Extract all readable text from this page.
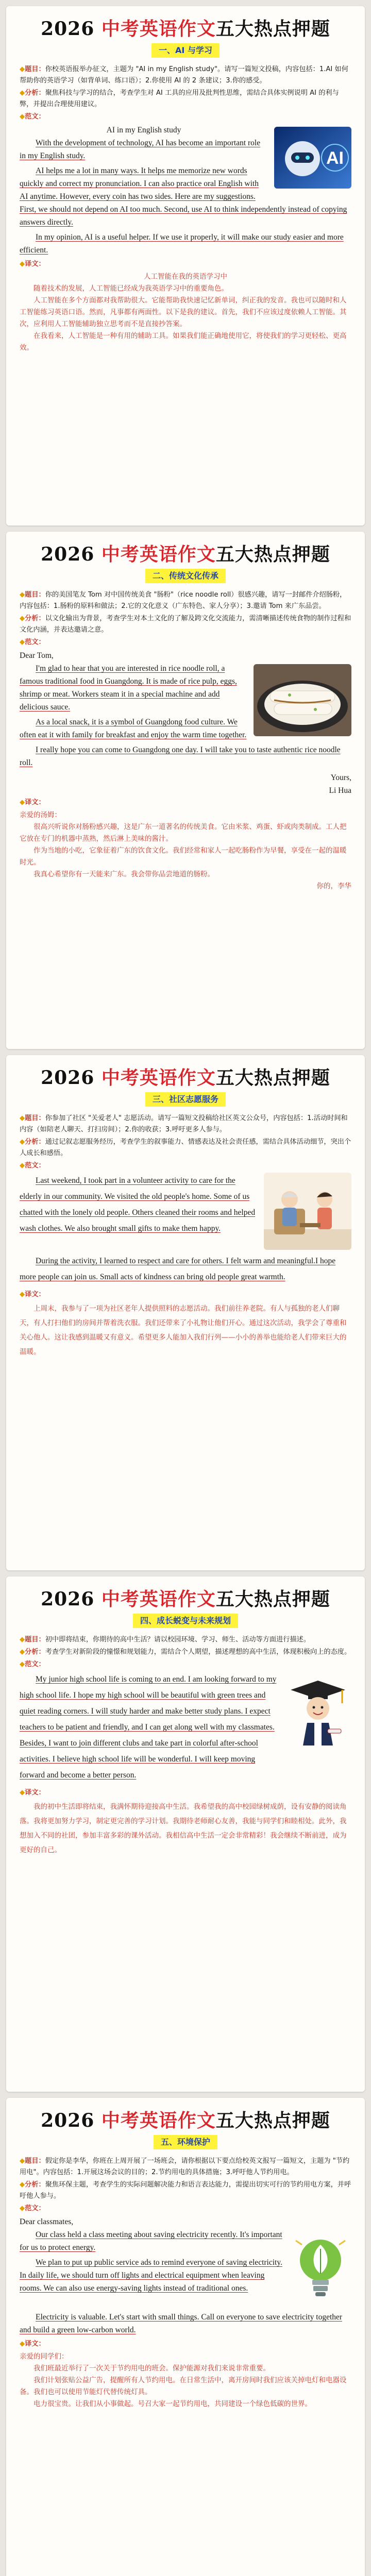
2026 中考英语作文五大热点押题
一、AI 与学习

◆题目：你校英语报举办征文，主题为 "AI in my English study"。请写一篇短文投稿，内容包括：1.AI 如何帮助你的英语学习（如背单词、练口语）；2.你使用 AI 的 2 条建议；3.你的感受。

◆分析：聚焦科技与学习的结合，考查学生对 AI 工具的应用及批判性思维，需结合具体实例说明 AI 的利与弊，并提出合理使用建议。

◆范文：

AI

AI in my English study

With the development of technology, AI has become an important role in my English study.

AI helps me a lot in many ways. It helps me memorize new words quickly and correct my pronunciation. I can also practice oral English with AI anytime. However, every coin has two sides. Here are my suggestions. First, we should not depend on AI too much. Second, use AI to think independently instead of copying answers directly.

In my opinion, AI is a useful helper. If we use it properly, it will make our study easier and more efficient.

◆译文：

人工智能在我的英语学习中

随着技术的发展，人工智能已经成为我英语学习中的重要角色。

人工智能在多个方面都对我帮助很大。它能帮助我快速记忆新单词，纠正我的发音。我也可以随时和人工智能练习英语口语。然而，凡事都有两面性。以下是我的建议。首先，我们不应该过度依赖人工智能。其次，应利用人工智能辅助独立思考而不是直接抄答案。

在我看来，人工智能是一种有用的辅助工具。如果我们能正确地使用它，将使我们的学习更轻松、更高效。

2026 中考英语作文五大热点押题
二、传统文化传承

◆题目：你的美国笔友 Tom 对中国传统美食 "肠粉"（rice noodle roll）很感兴趣，请写一封邮件介绍肠粉，内容包括：1.肠粉的原料和做法；2.它的文化意义（广东特色、家人分享）；3.邀请 Tom 来广东品尝。

◆分析：以文化输出为背景，考查学生对本土文化的了解及跨文化交流能力，需清晰描述传统食物的制作过程和文化内涵，并表达邀请之意。

◆范文：

Dear Tom,

I'm glad to hear that you are interested in rice noodle roll, a famous traditional food in Guangdong. It is made of rice pulp, eggs, shrimp or meat. Workers steam it in a special machine and add delicious sauce.

As a local snack, it is a symbol of Guangdong food culture. We often eat it with family for breakfast and enjoy the warm time together.

I really hope you can come to Guangdong one day. I will take you to taste authentic rice noodle roll.

Yours,

Li Hua

◆译文：

亲爱的汤姆：

很高兴听说你对肠粉感兴趣，这是广东一道著名的传统美食。它由米浆、鸡蛋、虾或肉类制成。工人把它放在专门的机器中蒸熟，然后淋上美味的酱汁。

作为当地的小吃，它象征着广东的饮食文化。我们经常和家人一起吃肠粉作为早餐，享受在一起的温暖时光。

我真心希望你有一天能来广东。我会带你品尝地道的肠粉。

你的，李华

2026 中考英语作文五大热点押题
三、社区志愿服务

◆题目：你参加了社区 "关爱老人" 志愿活动。请写一篇短文投稿给社区英文公众号，内容包括：1.活动时间和内容（如陪老人聊天、打扫房间）；2.你的收获；3.呼吁更多人参与。

◆分析：通过记叙志愿服务经历，考查学生的叙事能力、情感表达及社会责任感，需结合具体活动细节，突出个人成长和感悟。

◆范文：

Last weekend, I took part in a volunteer activity to care for the elderly in our community. We visited the old people's home. Some of us chatted with the lonely old people. Others cleaned their rooms and helped wash clothes. We also brought small gifts to make them happy.

During the activity, I learned to respect and care for others. I felt warm and meaningful.I hope more people can join us. Small acts of kindness can bring old people great warmth.

◆译文：

上周末，我参与了一项为社区老年人提供照料的志愿活动。我们前往养老院。有人与孤独的老人们聊天，有人打扫他们的房间并帮着洗衣服。我们还带来了小礼物让他们开心。通过这次活动，我学会了尊重和关心他人。这让我感到温暖又有意义。希望更多人能加入我们行列——小小的善举也能给老人们带来巨大的温暖。

2026 中考英语作文五大热点押题
四、成长蜕变与未来规划

◆题目：初中即将结束，你期待的高中生活？请以校园环境、学习、师生、活动等方面进行描述。

◆分析：考查学生对新阶段的憧憬和规划能力，需结合个人期望，描述理想的高中生活，体现积极向上的态度。

◆范文：

My junior high school life is coming to an end. I am looking forward to my high school life. I hope my high school will be beautiful with green trees and quiet reading corners. I will study harder and make better study plans. I expect teachers to be patient and friendly, and I can get along well with my classmates. Besides, I want to join different clubs and take part in colorful after-school activities. I believe high school life will be wonderful. I will keep moving forward and become a better person.

◆译文：

我的初中生活即将结束，我满怀期待迎接高中生活。我希望我的高中校园绿树成荫，设有安静的阅读角落。我将更加努力学习，制定更完善的学习计划。我期待老师耐心友善，我能与同学们和睦相处。此外，我想加入不同的社团，参加丰富多彩的课外活动。我相信高中生活一定会非常精彩！我会继续不断前进，成为更好的自己。

2026 中考英语作文五大热点押题
五、环境保护

◆题目：假定你是李华，你班在上周开展了一场班会，请你根据以下要点给校英文报写一篇短文，主题为 "节约用电"。内容包括：1.开展这场会议的目的；2.节约用电的具体措施；3.呼吁他人节约用电。

◆分析：聚焦环保主题，考查学生的实际问题解决能力和语言表达能力，需提出切实可行的节约用电方案，并呼吁他人参与。

◆范文：

Dear classmates,

Our class held a class meeting about saving electricity recently. It's important for us to protect energy.

We plan to put up public service ads to remind everyone of saving electricity. In daily life, we should turn off lights and electrical equipment when leaving rooms. We can also use energy-saving lights instead of traditional ones.

Electricity is valuable. Let's start with small things. Call on everyone to save electricity together and build a green low-carbon world.

◆译文：

亲爱的同学们：

我们班最近举行了一次关于节约用电的班会。保护能源对我们来说非常重要。

我们计划张贴公益广告，提醒所有人节约用电。在日常生活中，离开房间时我们应该关掉电灯和电器设备。我们也可以使用节能灯代替传统灯具。

电力很宝贵。让我们从小事做起。号召大家一起节约用电，共同建设一个绿色低碳的世界。
